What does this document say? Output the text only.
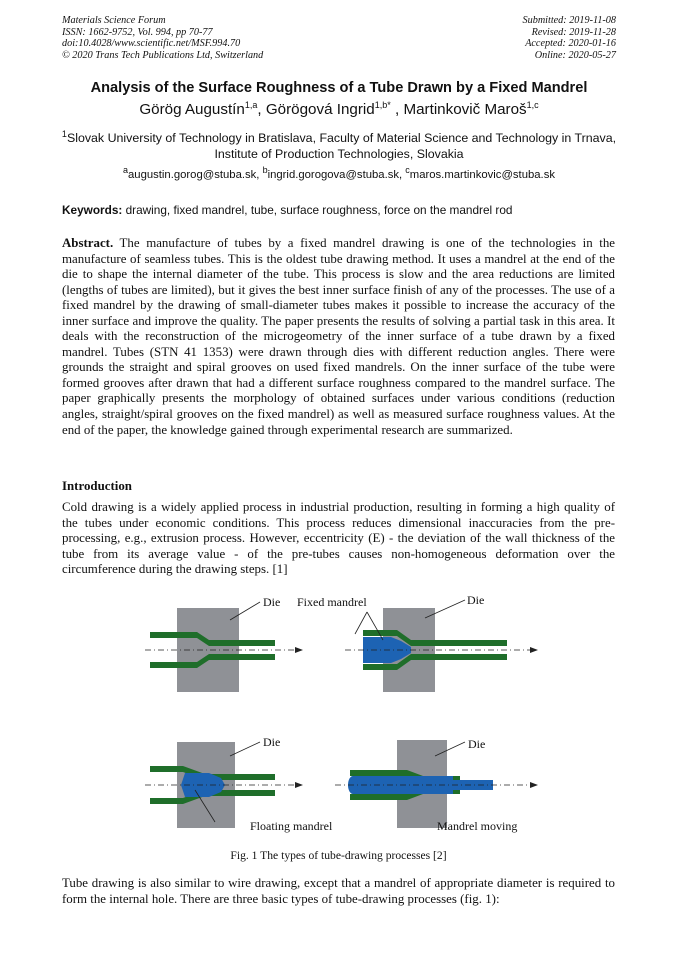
Materials Science Forum
ISSN: 1662-9752, Vol. 994, pp 70-77
doi:10.4028/www.scientific.net/MSF.994.70
© 2020 Trans Tech Publications Ltd, Switzerland
Submitted: 2019-11-08
Revised: 2019-11-28
Accepted: 2020-01-16
Online: 2020-05-27
Analysis of the Surface Roughness of a Tube Drawn by a Fixed Mandrel
Görög Augustín$^{1,a}$, Görögová Ingrid$^{1,b*}$ , Martinkovič Maroš$^{1,c}$
$^1$Slovak University of Technology in Bratislava, Faculty of Material Science and Technology in Trnava, Institute of Production Technologies, Slovakia
$^a$augustin.gorog@stuba.sk, $^b$ingrid.gorogova@stuba.sk, $^c$maros.martinkovic@stuba.sk
Keywords: drawing, fixed mandrel, tube, surface roughness, force on the mandrel rod
Abstract. The manufacture of tubes by a fixed mandrel drawing is one of the technologies in the manufacture of seamless tubes. This is the oldest tube drawing method. It uses a mandrel at the end of the die to shape the internal diameter of the tube. This process is slow and the area reductions are limited (lengths of tubes are limited), but it gives the best inner surface finish of any of the processes. The use of a fixed mandrel by the drawing of small-diameter tubes makes it possible to increase the accuracy of the inner surface and improve the quality. The paper presents the results of solving a partial task in this area. It deals with the reconstruction of the microgeometry of the inner surface of a tube drawn by a fixed mandrel. Tubes (STN 41 1353) were drawn through dies with different reduction angles. There were grounds the straight and spiral grooves on used fixed mandrels. On the inner surface of the tube were formed grooves after drawn that had a different surface roughness compared to the mandrel surface. The paper graphically presents the morphology of obtained surfaces under various conditions (reduction angles, straight/spiral grooves on the fixed mandrel) as well as measured surface roughness values. At the end of the paper, the knowledge gained through experimental research are summarized.
Introduction
Cold drawing is a widely applied process in industrial production, resulting in forming a high quality of the tubes under economic conditions. This process reduces dimensional inaccuracies from the pre-processing, e.g., extrusion process. However, eccentricity (E) - the deviation of the wall thickness of the tube from its average value - of the pre-tubes causes non-homogeneous deformation over the circumference during the drawing steps. [1]
Die Fixed mandrel	Die
Die	Die
Floating mandrel	Mandrel moving
Fig. 1 The types of tube-drawing processes [2]
Tube drawing is also similar to wire drawing, except that a mandrel of appropriate diameter is required to form the internal hole. There are three basic types of tube-drawing processes (fig. 1):
